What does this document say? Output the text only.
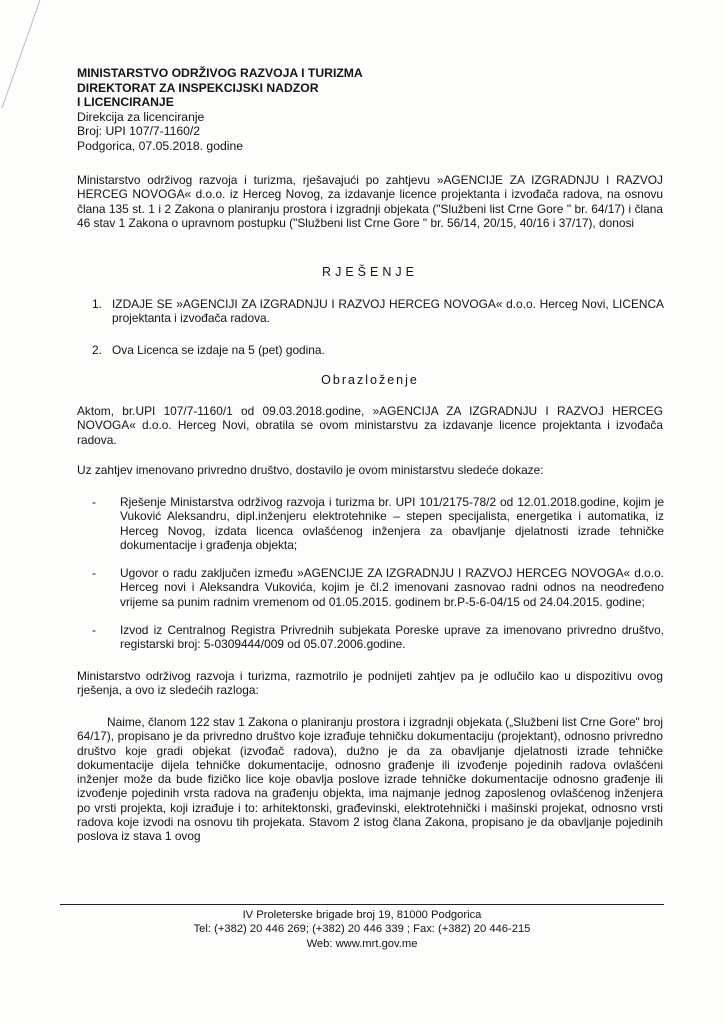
MINISTARSTVO ODRŽIVOG RAZVOJA I TURIZMA
DIREKTORAT ZA INSPEKCIJSKI NADZOR
I LICENCIRANJE
Direkcija za licenciranje
Broj: UPI 107/7-1160/2
Podgorica, 07.05.2018. godine
Ministarstvo održivog razvoja i turizma, rješavajući po zahtjevu »AGENCIJE ZA IZGRADNJU I RAZVOJ HERCEG NOVOGA« d.o.o. iz Herceg Novog, za izdavanje licence projektanta i izvođača radova, na osnovu člana 135 st. 1 i 2 Zakona o planiranju prostora i izgradnji objekata ("Službeni list Crne Gore " br. 64/17) i člana 46 stav 1 Zakona o upravnom postupku ("Službeni list Crne Gore " br. 56/14, 20/15, 40/16 i 37/17), donosi
RJEŠENJE
1. IZDAJE SE »AGENCIJI ZA IZGRADNJU I RAZVOJ HERCEG NOVOGA« d.o.o. Herceg Novi, LICENCA projektanta i izvođača radova.
2. Ova Licenca se izdaje na 5 (pet) godina.
Obrazloženje
Aktom, br.UPI 107/7-1160/1 od 09.03.2018.godine, »AGENCIJA ZA IZGRADNJU I RAZVOJ HERCEG NOVOGA« d.o.o. Herceg Novi, obratila se ovom ministarstvu za izdavanje licence projektanta i izvođača radova.
Uz zahtjev imenovano privredno društvo, dostavilo je ovom ministarstvu sledeće dokaze:
- Rješenje Ministarstva održivog razvoja i turizma br. UPI 101/2175-78/2 od 12.01.2018.godine, kojim je Vuković Aleksandru, dipl.inženjeru elektrotehnike – stepen specijalista, energetika i automatika, iz Herceg Novog, izdata licenca ovlašćenog inženjera za obavljanje djelatnosti izrade tehničke dokumentacije i građenja objekta;
- Ugovor o radu zaključen između »AGENCIJE ZA IZGRADNJU I RAZVOJ HERCEG NOVOGA« d.o.o. Herceg novi i Aleksandra Vukovića, kojim je čl.2 imenovani zasnovao radni odnos na neodređeno vrijeme sa punim radnim vremenom od 01.05.2015. godinem br.P-5-6-04/15 od 24.04.2015. godine;
- Izvod iz Centralnog Registra Privrednih subjekata Poreske uprave za imenovano privredno društvo, registarski broj: 5-0309444/009 od 05.07.2006.godine.
Ministarstvo održivog razvoja i turizma, razmotrilo je podnijeti zahtjev pa je odlučilo kao u dispozitivu ovog rješenja, a ovo iz sledećih razloga:
Naime, članom 122 stav 1 Zakona o planiranju prostora i izgradnji objekata („Službeni list Crne Gore" broj 64/17), propisano je da privredno društvo koje izrađuje tehničku dokumentaciju (projektant), odnosno privredno društvo koje gradi objekat (izvođač radova), dužno je da za obavljanje djelatnosti izrade tehničke dokumentacije dijela tehničke dokumentacije, odnosno građenje ili izvođenje pojedinih radova ovlašćeni inženjer može da bude fizičko lice koje obavlja poslove izrade tehničke dokumentacije odnosno građenje ili izvođenje pojedinih vrsta radova na građenju objekta, ima najmanje jednog zaposlenog ovlašćenog inženjera po vrsti projekta, koji izrađuje i to: arhitektonski, građevinski, elektrotehnički i mašinski projekat, odnosno vrsti radova koje izvodi na osnovu tih projekata. Stavom 2 istog člana Zakona, propisano je da obavljanje pojedinih poslova iz stava 1 ovog
IV Proleterske brigade broj 19, 81000 Podgorica
Tel: (+382) 20 446 269; (+382) 20 446 339 ; Fax: (+382) 20 446-215
Web: www.mrt.gov.me
